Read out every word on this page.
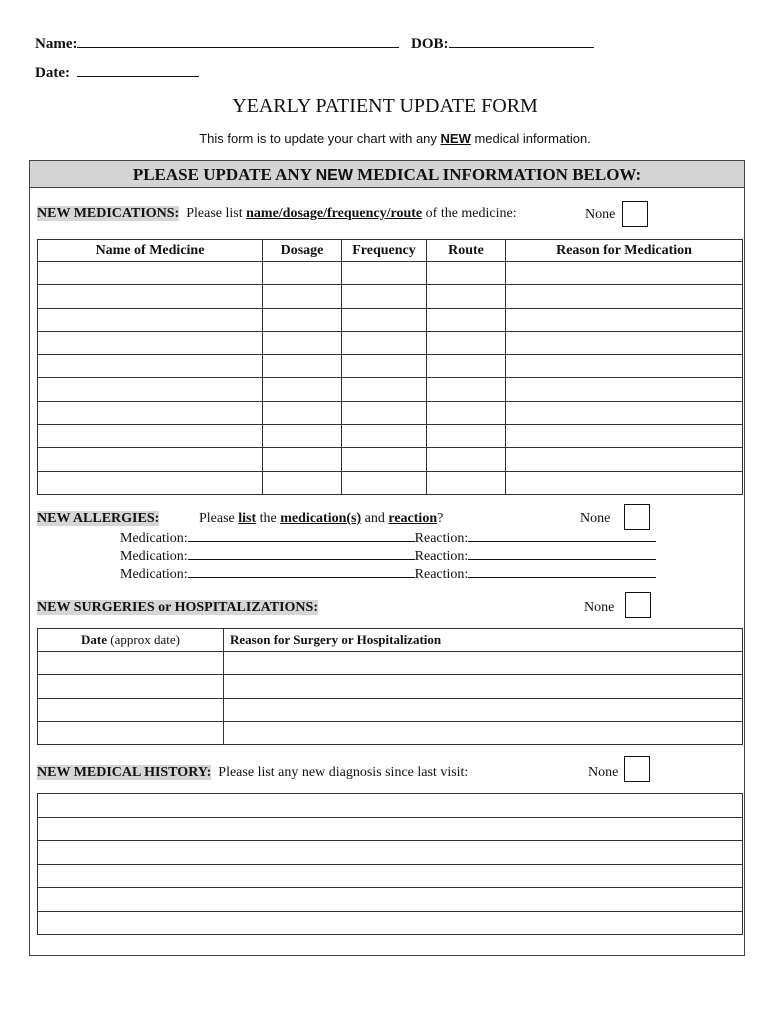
Name:	DOB:
Date:
YEARLY PATIENT UPDATE FORM
This form is to update your chart with any NEW medical information.
PLEASE UPDATE ANY NEW MEDICAL INFORMATION BELOW:
NEW MEDICATIONS: Please list name/dosage/frequency/route of the medicine:	None
Name of Medicine	Dosage	Frequency	Route	Reason for Medication

NEW ALLERGIES:	Please list the medication(s) and reaction?	None
Medication:	Reaction:
Medication:	Reaction:
Medication:	Reaction:
NEW SURGERIES or HOSPITALIZATIONS:	None
Date (approx date)	Reason for Surgery or Hospitalization

NEW MEDICAL HISTORY: Please list any new diagnosis since last visit:	None
